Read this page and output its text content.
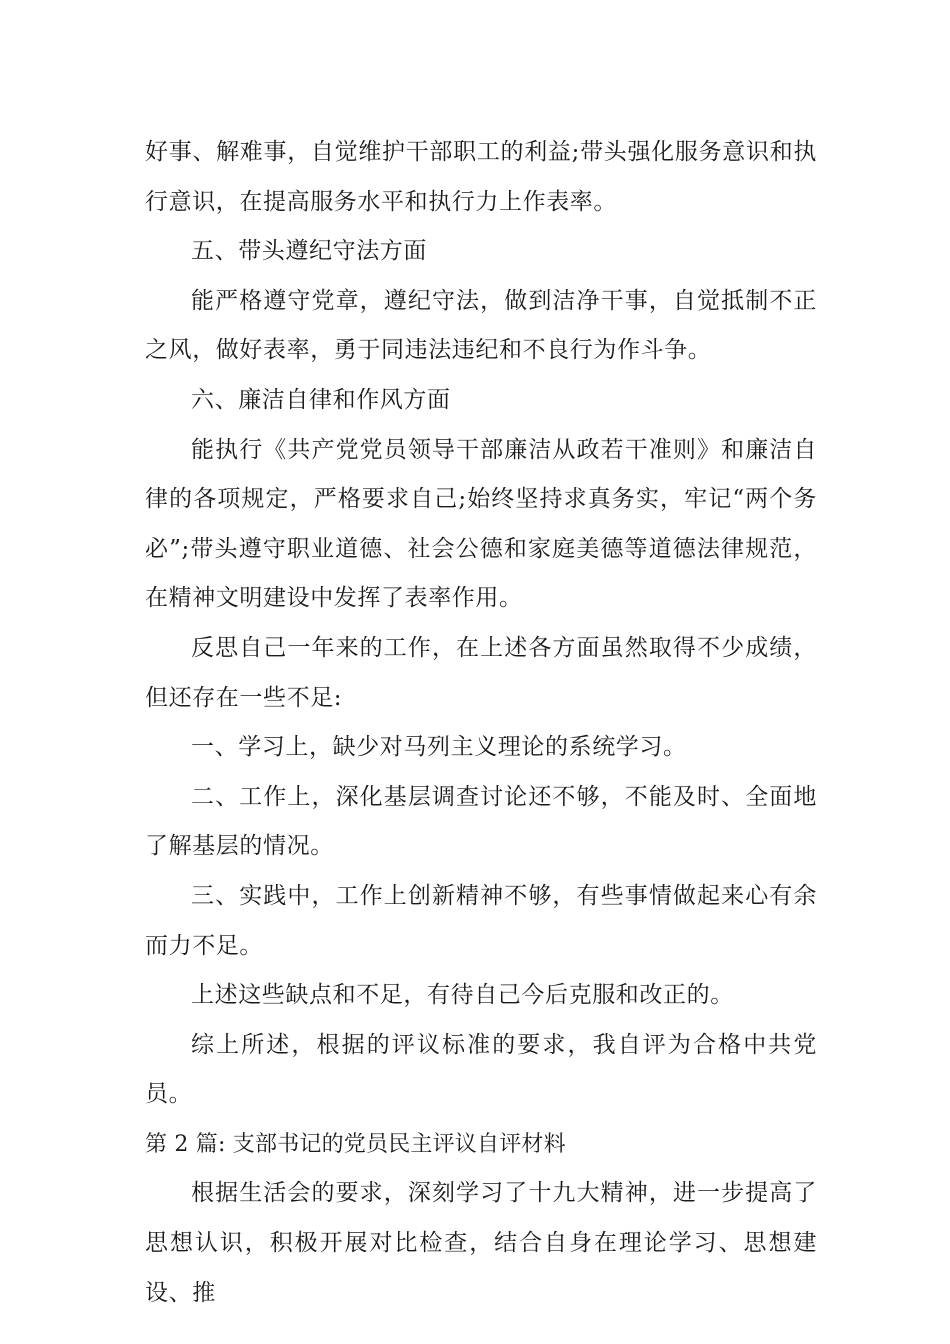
好事、解难事，自觉维护干部职工的利益;带头强化服务意识和执行意识，在提高服务水平和执行力上作表率。

五、带头遵纪守法方面

能严格遵守党章，遵纪守法，做到洁净干事，自觉抵制不正之风，做好表率，勇于同违法违纪和不良行为作斗争。

六、廉洁自律和作风方面

能执行《共产党党员领导干部廉洁从政若干准则》和廉洁自律的各项规定，严格要求自己;始终坚持求真务实，牢记“两个务必”;带头遵守职业道德、社会公德和家庭美德等道德法律规范，在精神文明建设中发挥了表率作用。

反思自己一年来的工作，在上述各方面虽然取得不少成绩，但还存在一些不足:

一、学习上，缺少对马列主义理论的系统学习。

二、工作上，深化基层调查讨论还不够，不能及时、全面地了解基层的情况。

三、实践中，工作上创新精神不够，有些事情做起来心有余而力不足。

上述这些缺点和不足，有待自己今后克服和改正的。

综上所述，根据的评议标准的要求，我自评为合格中共党员。

第 2 篇: 支部书记的党员民主评议自评材料

根据生活会的要求，深刻学习了十九大精神，进一步提高了思想认识，积极开展对比检查，结合自身在理论学习、思想建设、推
